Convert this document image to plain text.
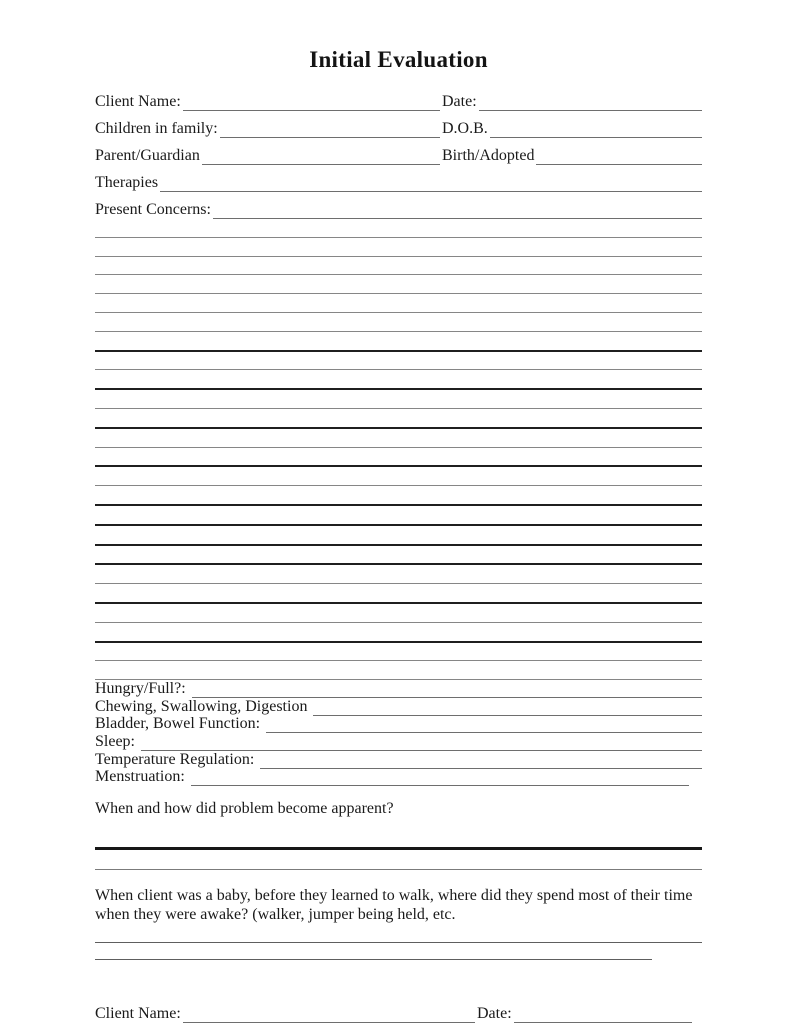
Initial Evaluation
Client Name:	Date:
Children in family:	D.O.B.
Parent/Guardian	Birth/Adopted
Therapies
Present Concerns:
Hungry/Full?:
Chewing, Swallowing, Digestion
Bladder, Bowel Function:
Sleep:
Temperature Regulation:
Menstruation:

When and how did problem become apparent?

When client was a baby, before they learned to walk, where did they spend most of their time when they were awake? (walker, jumper being held, etc.

Client Name:	Date:
